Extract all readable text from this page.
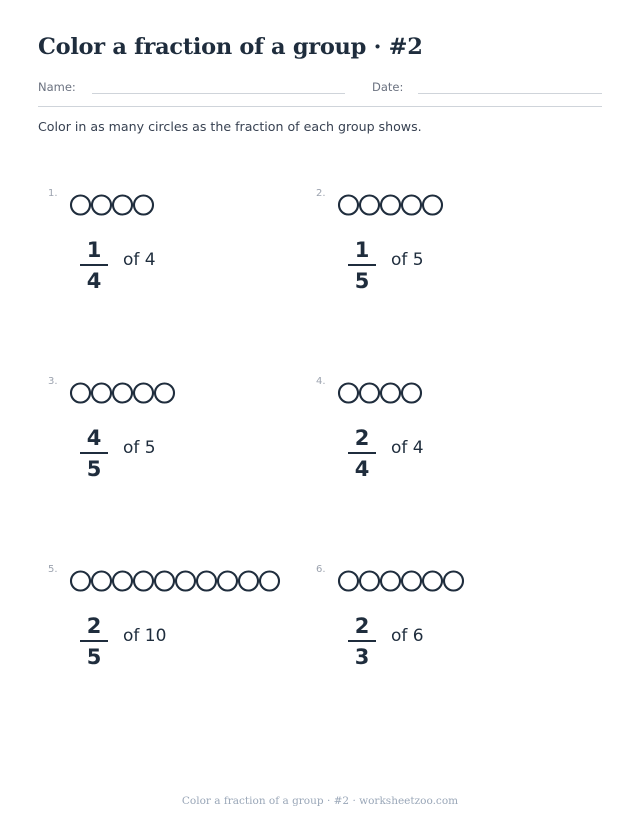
Color a fraction of a group · #2
Name:	Date:
Color in as many circles as the fraction of each group shows.
1.
1
4
of 4
2.
1
5
of 5
3.
4
5
of 5
4.
2
4
of 4
5.
2
5
of 10
6.
2
3
of 6
Color a fraction of a group · #2 · worksheetzoo.com
